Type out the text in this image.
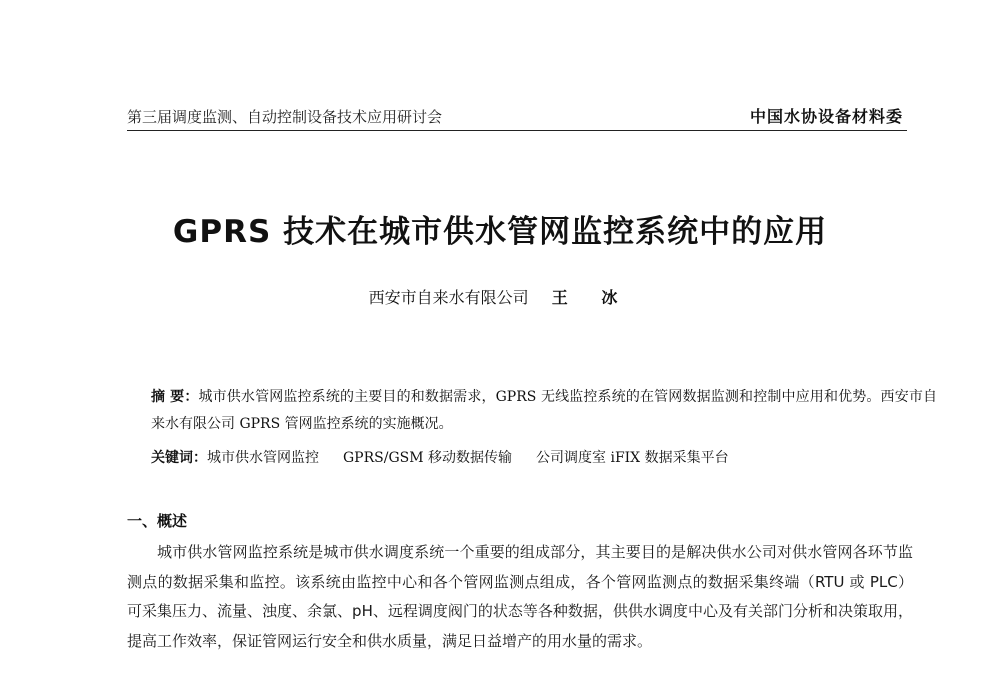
第三届调度监测、自动控制设备技术应用研讨会	中国水协设备材料委
GPRS 技术在城市供水管网监控系统中的应用
西安市自来水有限公司 王 冰
摘 要：城市供水管网监控系统的主要目的和数据需求，GPRS 无线监控系统的在管网数据监测和控制中应用和优势。西安市自来水有限公司 GPRS 管网监控系统的实施概况。
关键词：城市供水管网监控 GPRS/GSM 移动数据传输 公司调度室 iFIX 数据采集平台
一、概述
城市供水管网监控系统是城市供水调度系统一个重要的组成部分，其主要目的是解决供水公司对供水管网各环节监测点的数据采集和监控。该系统由监控中心和各个管网监测点组成，各个管网监测点的数据采集终端（RTU 或 PLC）可采集压力、流量、浊度、余氯、pH、远程调度阀门的状态等各种数据，供供水调度中心及有关部门分析和决策取用，提高工作效率，保证管网运行安全和供水质量，满足日益增产的用水量的需求。
